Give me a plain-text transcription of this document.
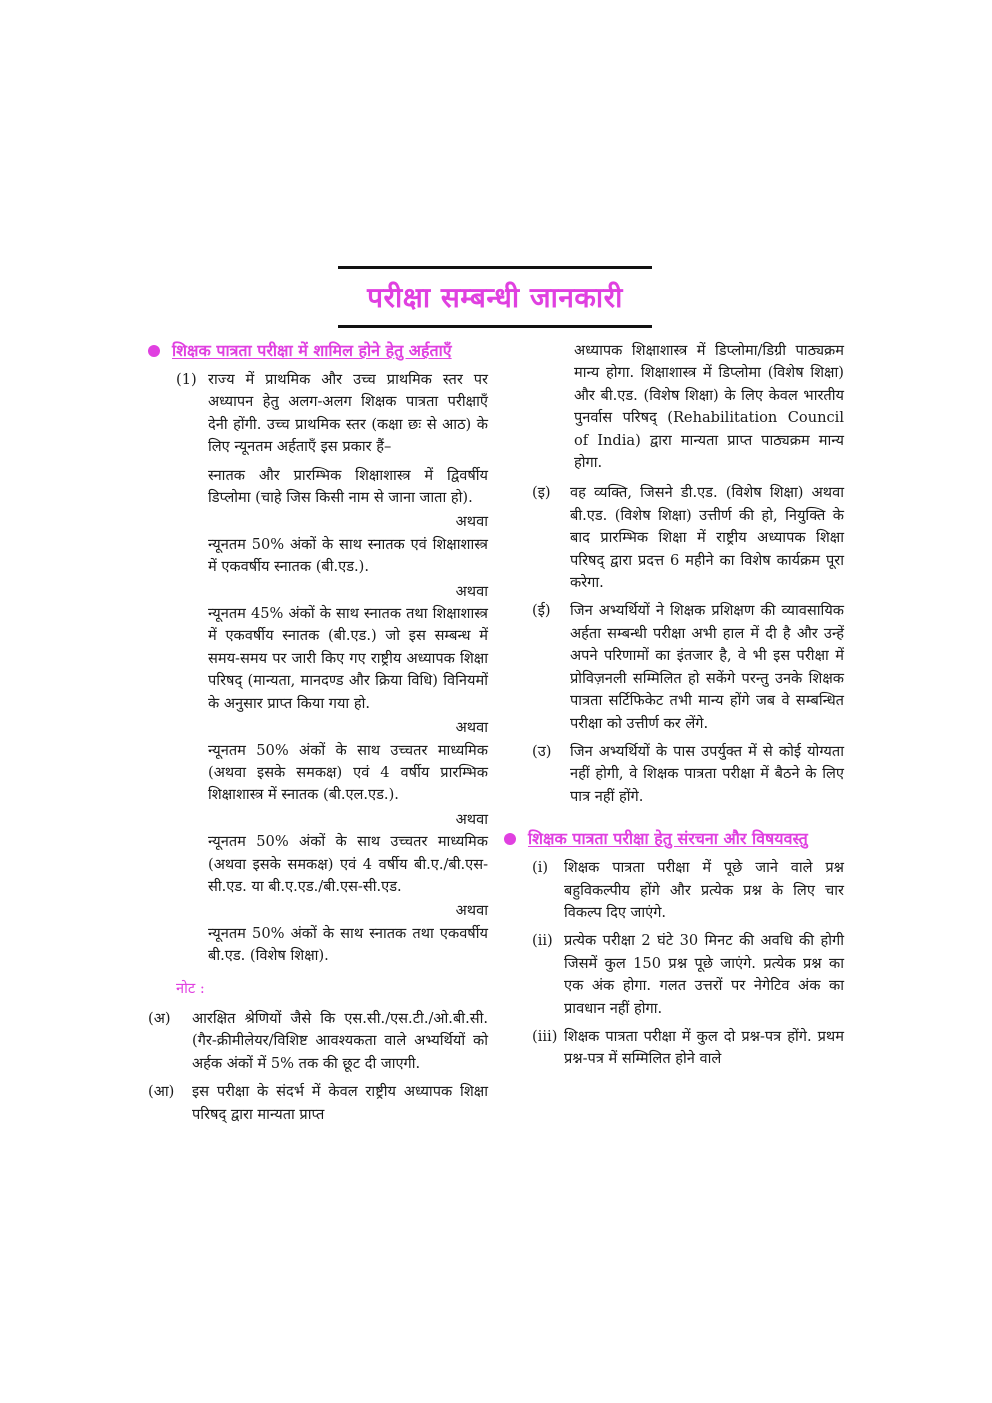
परीक्षा सम्बन्धी जानकारी
शिक्षक पात्रता परीक्षा में शामिल होने हेतु अर्हताएँ
(1) राज्य में प्राथमिक और उच्च प्राथमिक स्तर पर अध्यापन हेतु अलग-अलग शिक्षक पात्रता परीक्षाएँ देनी होंगी. उच्च प्राथमिक स्तर (कक्षा छः से आठ) के लिए न्यूनतम अर्हताएँ इस प्रकार हैं–

स्नातक और प्रारम्भिक शिक्षाशास्त्र में द्विवर्षीय डिप्लोमा (चाहे जिस किसी नाम से जाना जाता हो).

अथवा

न्यूनतम 50% अंकों के साथ स्नातक एवं शिक्षाशास्त्र में एकवर्षीय स्नातक (बी.एड.).

अथवा

न्यूनतम 45% अंकों के साथ स्नातक तथा शिक्षाशास्त्र में एकवर्षीय स्नातक (बी.एड.) जो इस सम्बन्ध में समय-समय पर जारी किए गए राष्ट्रीय अध्यापक शिक्षा परिषद् (मान्यता, मानदण्ड और क्रिया विधि) विनियमों के अनुसार प्राप्त किया गया हो.

अथवा

न्यूनतम 50% अंकों के साथ उच्चतर माध्यमिक (अथवा इसके समकक्ष) एवं 4 वर्षीय प्रारम्भिक शिक्षाशास्त्र में स्नातक (बी.एल.एड.).

अथवा

न्यूनतम 50% अंकों के साथ उच्चतर माध्यमिक (अथवा इसके समकक्ष) एवं 4 वर्षीय बी.ए./बी.एस-सी.एड. या बी.ए.एड./बी.एस-सी.एड.

अथवा

न्यूनतम 50% अंकों के साथ स्नातक तथा एकवर्षीय बी.एड. (विशेष शिक्षा).

नोट :
(अ)	आरक्षित श्रेणियों जैसे कि एस.सी./एस.टी./ओ.बी.सी. (गैर-क्रीमीलेयर/विशिष्ट आवश्यकता वाले अभ्यर्थियों को अर्हक अंकों में 5% तक की छूट दी जाएगी.
(आ)	इस परीक्षा के संदर्भ में केवल राष्ट्रीय अध्यापक शिक्षा परिषद् द्वारा मान्यता प्राप्त
अध्यापक शिक्षाशास्त्र में डिप्लोमा/डिग्री पाठ्यक्रम मान्य होगा. शिक्षाशास्त्र में डिप्लोमा (विशेष शिक्षा) और बी.एड. (विशेष शिक्षा) के लिए केवल भारतीय पुनर्वास परिषद् (Rehabilitation Council of India) द्वारा मान्यता प्राप्त पाठ्यक्रम मान्य होगा.
(इ)	वह व्यक्ति, जिसने डी.एड. (विशेष शिक्षा) अथवा बी.एड. (विशेष शिक्षा) उत्तीर्ण की हो, नियुक्ति के बाद प्रारम्भिक शिक्षा में राष्ट्रीय अध्यापक शिक्षा परिषद् द्वारा प्रदत्त 6 महीने का विशेष कार्यक्रम पूरा करेगा.
(ई)	जिन अभ्यर्थियों ने शिक्षक प्रशिक्षण की व्यावसायिक अर्हता सम्बन्धी परीक्षा अभी हाल में दी है और उन्हें अपने परिणामों का इंतजार है, वे भी इस परीक्षा में प्रोविज़नली सम्मिलित हो सकेंगे परन्तु उनके शिक्षक पात्रता सर्टिफिकेट तभी मान्य होंगे जब वे सम्बन्धित परीक्षा को उत्तीर्ण कर लेंगे.
(उ)	जिन अभ्यर्थियों के पास उपर्युक्त में से कोई योग्यता नहीं होगी, वे शिक्षक पात्रता परीक्षा में बैठने के लिए पात्र नहीं होंगे.
शिक्षक पात्रता परीक्षा हेतु संरचना और विषयवस्तु
(i)	शिक्षक पात्रता परीक्षा में पूछे जाने वाले प्रश्न बहुविकल्पीय होंगे और प्रत्येक प्रश्न के लिए चार विकल्प दिए जाएंगे.
(ii) प्रत्येक परीक्षा 2 घंटे 30 मिनट की अवधि की होगी जिसमें कुल 150 प्रश्न पूछे जाएंगे. प्रत्येक प्रश्न का एक अंक होगा. गलत उत्तरों पर नेगेटिव अंक का प्रावधान नहीं होगा.
(iii) शिक्षक पात्रता परीक्षा में कुल दो प्रश्न-पत्र होंगे. प्रथम प्रश्न-पत्र में सम्मिलित होने वाले
